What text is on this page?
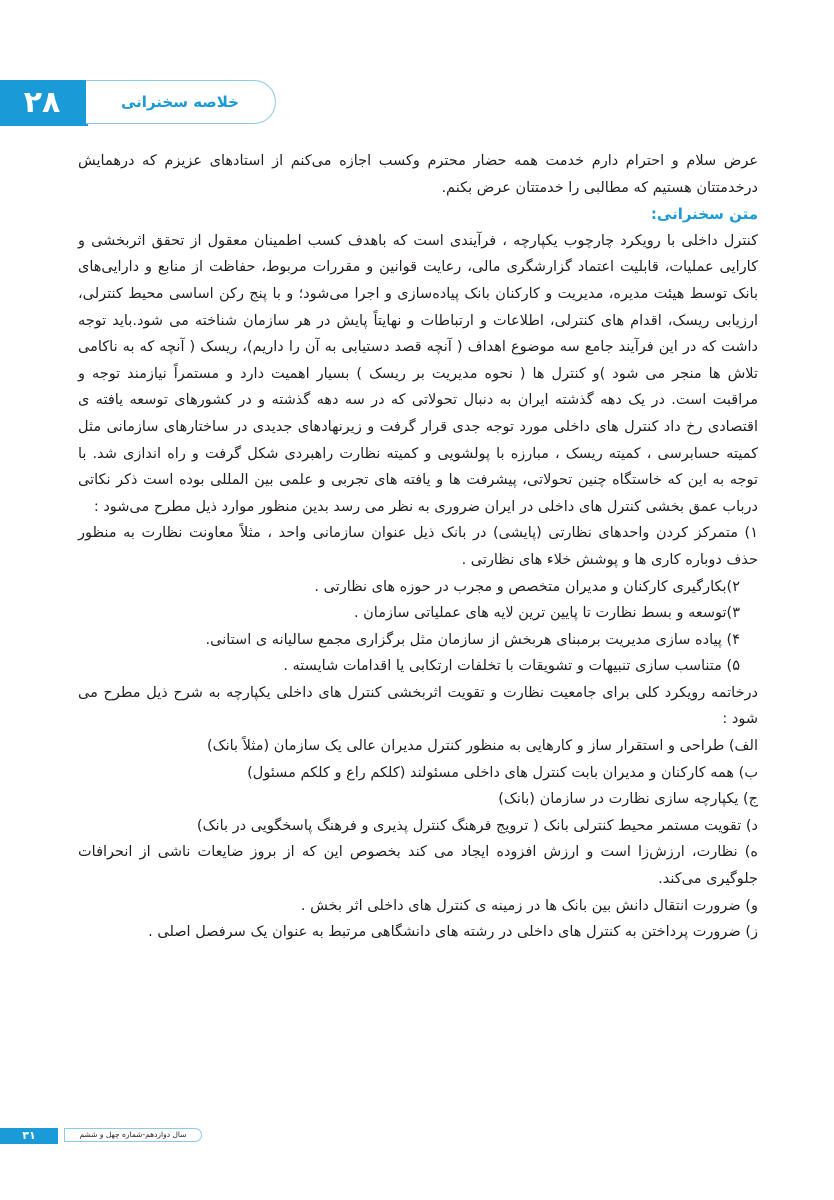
۲۸	خلاصه سخنرانی

عرض سلام و احترام دارم خدمت همه حضار محترم وکسب اجازه می‌کنم از استادهای عزیزم که درهمایش درخدمتتان هستیم که مطالبی را خدمتتان عرض بکنم.

متن سخنرانی:

کنترل داخلی با رویکرد چارچوب یکپارچه ، فرآیندی است که باهدف کسب اطمینان معقول از تحقق اثربخشی و کارایی عملیات، قابلیت اعتماد گزارشگری مالی، رعایت قوانین و مقررات مربوط، حفاظت از منابع و دارایی‌های بانک توسط هیئت مدیره، مدیریت و کارکنان بانک پیاده‌سازی و اجرا می‌شود؛ و با پنج رکن اساسی محیط کنترلی، ارزیابی ریسک، اقدام های کنترلی، اطلاعات و ارتباطات و نهایتاً پایش در هر سازمان شناخته می شود.باید توجه داشت که در این فرآیند جامع سه موضوع اهداف ( آنچه قصد دستیابی به آن را داریم)، ریسک ( آنچه که به ناکامی تلاش ها منجر می شود )و کنترل ها ( نحوه مدیریت بر ریسک ) بسیار اهمیت دارد و مستمراً نیازمند توجه و مراقبت است. در یک دهه گذشته ایران به دنبال تحولاتی که در سه دهه گذشته و در کشورهای توسعه یافته ی اقتصادی رخ داد کنترل های داخلی مورد توجه جدی قرار گرفت و زیرنهادهای جدیدی در ساختارهای سازمانی مثل کمیته حسابرسی ، کمیته ریسک ، مبارزه با پولشویی و کمیته نظارت راهبردی شکل گرفت و راه اندازی شد. با توجه به این که خاستگاه چنین تحولاتی، پیشرفت ها و یافته های تجربی و علمی بین المللی بوده است ذکر نکاتی درباب عمق بخشی کنترل های داخلی در ایران ضروری به نظر می رسد بدین منظور موارد ذیل مطرح می‌شود :

۱) متمرکز کردن واحدهای نظارتی (پایشی) در بانک ذیل عنوان سازمانی واحد ، مثلاً معاونت نظارت به منظور حذف دوباره کاری ها و پوشش خلاء های نظارتی .

۲)بکارگیری کارکنان و مدیران متخصص و مجرب در حوزه های نظارتی .

۳)توسعه و بسط نظارت تا پایین ترین لایه های عملیاتی سازمان .

۴) پیاده سازی مدیریت برمبنای هربخش از سازمان مثل برگزاری مجمع سالیانه ی استانی.

۵) متناسب سازی تنبیهات و تشویقات با تخلفات ارتکابی یا اقدامات شایسته .

درخاتمه رویکرد کلی برای جامعیت نظارت و تقویت اثربخشی کنترل های داخلی یکپارچه به شرح ذیل مطرح می شود :

الف) طراحی و استقرار ساز و کارهایی به منظور کنترل مدیران عالی یک سازمان (مثلاً بانک)

ب) همه کارکنان و مدیران بابت کنترل های داخلی مسئولند (کلکم راع و کلکم مسئول)

ج) یکپارچه سازی نظارت در سازمان (بانک)

د) تقویت مستمر محیط کنترلی بانک ( ترویج فرهنگ کنترل پذیری و فرهنگ پاسخگویی در بانک)

ه) نظارت، ارزش‌زا است و ارزش افزوده ایجاد می کند بخصوص این که از بروز ضایعات ناشی از انحرافات جلوگیری می‌کند.

و) ضرورت انتقال دانش بین بانک ها در زمینه ی کنترل های داخلی اثر بخش .

ز) ضرورت پرداختن به کنترل های داخلی در رشته های دانشگاهی مرتبط به عنوان یک سرفصل اصلی .

۳۱	سال دوازدهم-شماره چهل و ششم
